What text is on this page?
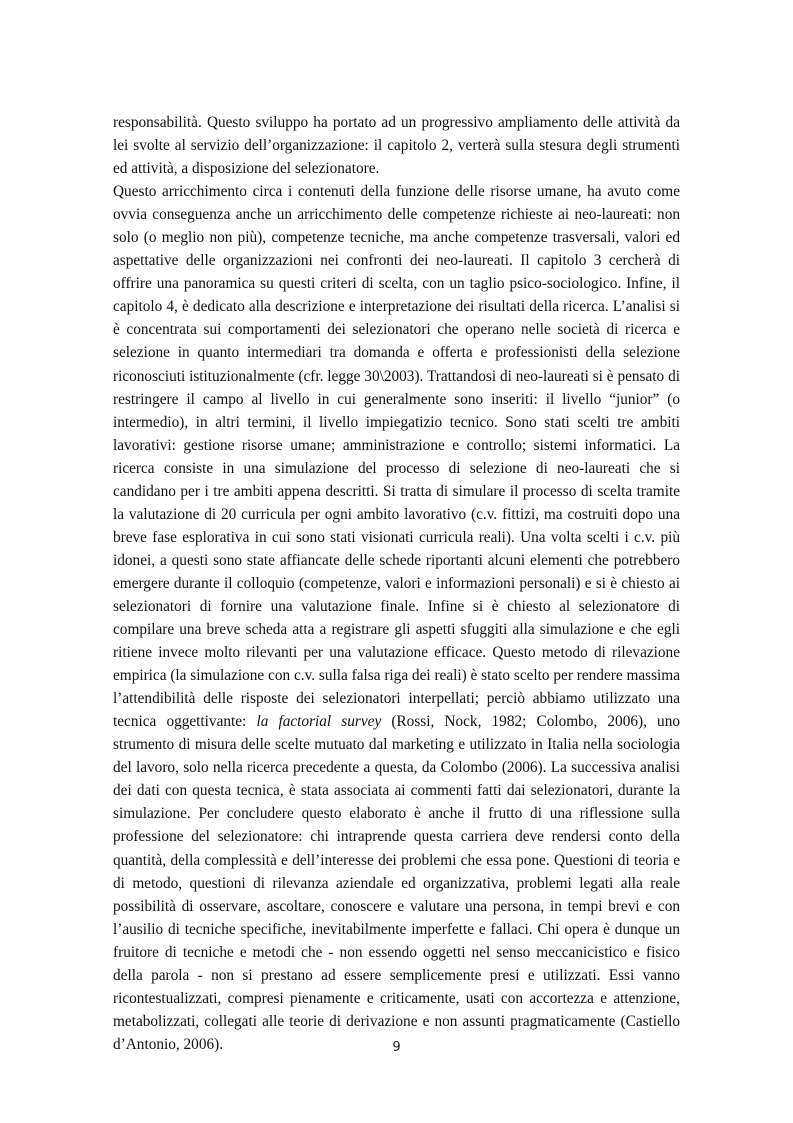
responsabilità. Questo sviluppo ha portato ad un progressivo ampliamento delle attività da lei svolte al servizio dell’organizzazione: il capitolo 2, verterà sulla stesura degli strumenti ed attività, a disposizione del selezionatore.

Questo arricchimento circa i contenuti della funzione delle risorse umane, ha avuto come ovvia conseguenza anche un arricchimento delle competenze richieste ai neo-laureati: non solo (o meglio non più), competenze tecniche, ma anche competenze trasversali, valori ed aspettative delle organizzazioni nei confronti dei neo-laureati. Il capitolo 3 cercherà di offrire una panoramica su questi criteri di scelta, con un taglio psico-sociologico. Infine, il capitolo 4, è dedicato alla descrizione e interpretazione dei risultati della ricerca. L’analisi si è concentrata sui comportamenti dei selezionatori che operano nelle società di ricerca e selezione in quanto intermediari tra domanda e offerta e professionisti della selezione riconosciuti istituzionalmente (cfr. legge 30\2003). Trattandosi di neo-laureati si è pensato di restringere il campo al livello in cui generalmente sono inseriti: il livello “junior” (o intermedio), in altri termini, il livello impiegatizio tecnico. Sono stati scelti tre ambiti lavorativi: gestione risorse umane; amministrazione e controllo; sistemi informatici. La ricerca consiste in una simulazione del processo di selezione di neo-laureati che si candidano per i tre ambiti appena descritti. Si tratta di simulare il processo di scelta tramite la valutazione di 20 curricula per ogni ambito lavorativo (c.v. fittizi, ma costruiti dopo una breve fase esplorativa in cui sono stati visionati curricula reali). Una volta scelti i c.v. più idonei, a questi sono state affiancate delle schede riportanti alcuni elementi che potrebbero emergere durante il colloquio (competenze, valori e informazioni personali) e si è chiesto ai selezionatori di fornire una valutazione finale. Infine si è chiesto al selezionatore di compilare una breve scheda atta a registrare gli aspetti sfuggiti alla simulazione e che egli ritiene invece molto rilevanti per una valutazione efficace. Questo metodo di rilevazione empirica (la simulazione con c.v. sulla falsa riga dei reali) è stato scelto per rendere massima l’attendibilità delle risposte dei selezionatori interpellati; perciò abbiamo utilizzato una tecnica oggettivante: la factorial survey (Rossi, Nock, 1982; Colombo, 2006), uno strumento di misura delle scelte mutuato dal marketing e utilizzato in Italia nella sociologia del lavoro, solo nella ricerca precedente a questa, da Colombo (2006). La successiva analisi dei dati con questa tecnica, è stata associata ai commenti fatti dai selezionatori, durante la simulazione. Per concludere questo elaborato è anche il frutto di una riflessione sulla professione del selezionatore: chi intraprende questa carriera deve rendersi conto della quantità, della complessità e dell’interesse dei problemi che essa pone. Questioni di teoria e di metodo, questioni di rilevanza aziendale ed organizzativa, problemi legati alla reale possibilità di osservare, ascoltare, conoscere e valutare una persona, in tempi brevi e con l’ausilio di tecniche specifiche, inevitabilmente imperfette e fallaci. Chi opera è dunque un fruitore di tecniche e metodi che - non essendo oggetti nel senso meccanicistico e fisico della parola - non si prestano ad essere semplicemente presi e utilizzati. Essi vanno ricontestualizzati, compresi pienamente e criticamente, usati con accortezza e attenzione, metabolizzati, collegati alle teorie di derivazione e non assunti pragmaticamente (Castiello d’Antonio, 2006).	9
